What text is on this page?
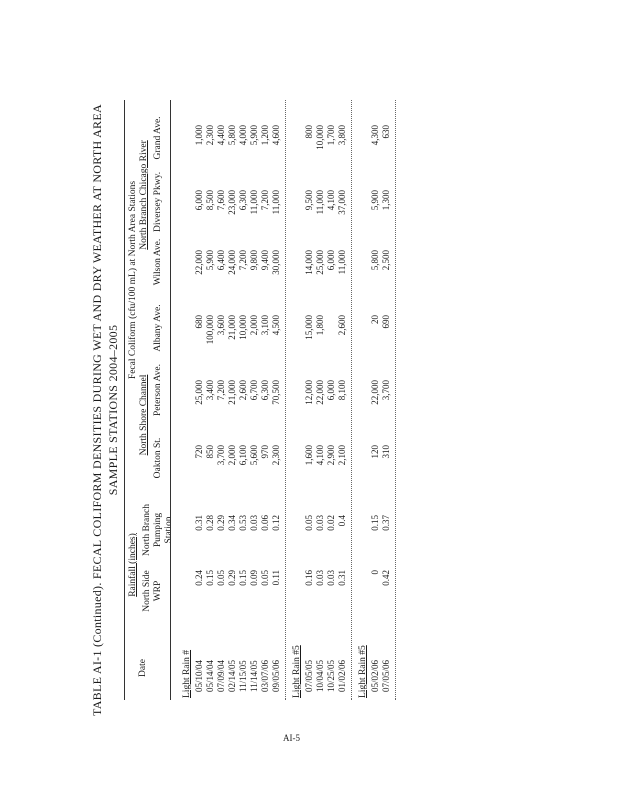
TABLE AI-1 (Continued). FECAL COLIFORM DENSITIES DURING WET AND DRY WEATHER AT NORTH AREA SAMPLE STATIONS 2004–2005
Date
Rainfall (inches) North Side WRP
North Branch Pumping Station
Fecal Coliform (cfu/100 mL) at North Area Stations
North Shore Channel
North Branch Chicago River
Light Rain # 05/10/04
0.24
0.31
720
25,000
680
22,000
6,000
1,000
05/14/04
0.15
0.28
850
3,400
100,000
5,900
8,500
2,300
07/09/04
0.05
0.29
3,700
7,200
3,600
6,400
7,600
4,400
02/14/05
0.29
0.34
2,000
21,000
21,000
24,000
23,000
5,800
11/15/05
0.15
0.53
6,100
2,600
10,000
7,200
6,300
4,000
11/14/05
0.09
0.03
5,600
6,700
2,000
9,800
11,000
5,900
03/07/06
0.05
0.06
970
6,300
3,100
9,400
7,200
1,200
09/05/06
0.11
0.12
2,300
70,500
4,500
30,000
11,000
4,600
Light Rain #5 07/05/05
0.16
0.05
1,600
12,000
15,000
14,000
9,500
800
10/04/05
0.03
0.03
4,100
22,000
1,800
25,000
11,000
10,000
10/25/05
0.03
0.02
2,900
6,000
6,000
4,100
1,700
01/02/06
0.31
0.4
2,100
8,100
2,600
11,000
37,000
3,800
Light Rain #5 05/02/06
0
0.15
120
22,000
20
5,800
5,900
4,300
07/05/06
0.42
0.37
310
3,700
690
2,500
1,300
630
Oakton St.
Peterson Ave.
Albany Ave.
Wilson Ave.
Diversey Pkwy.
Grand Ave.
AI-5
